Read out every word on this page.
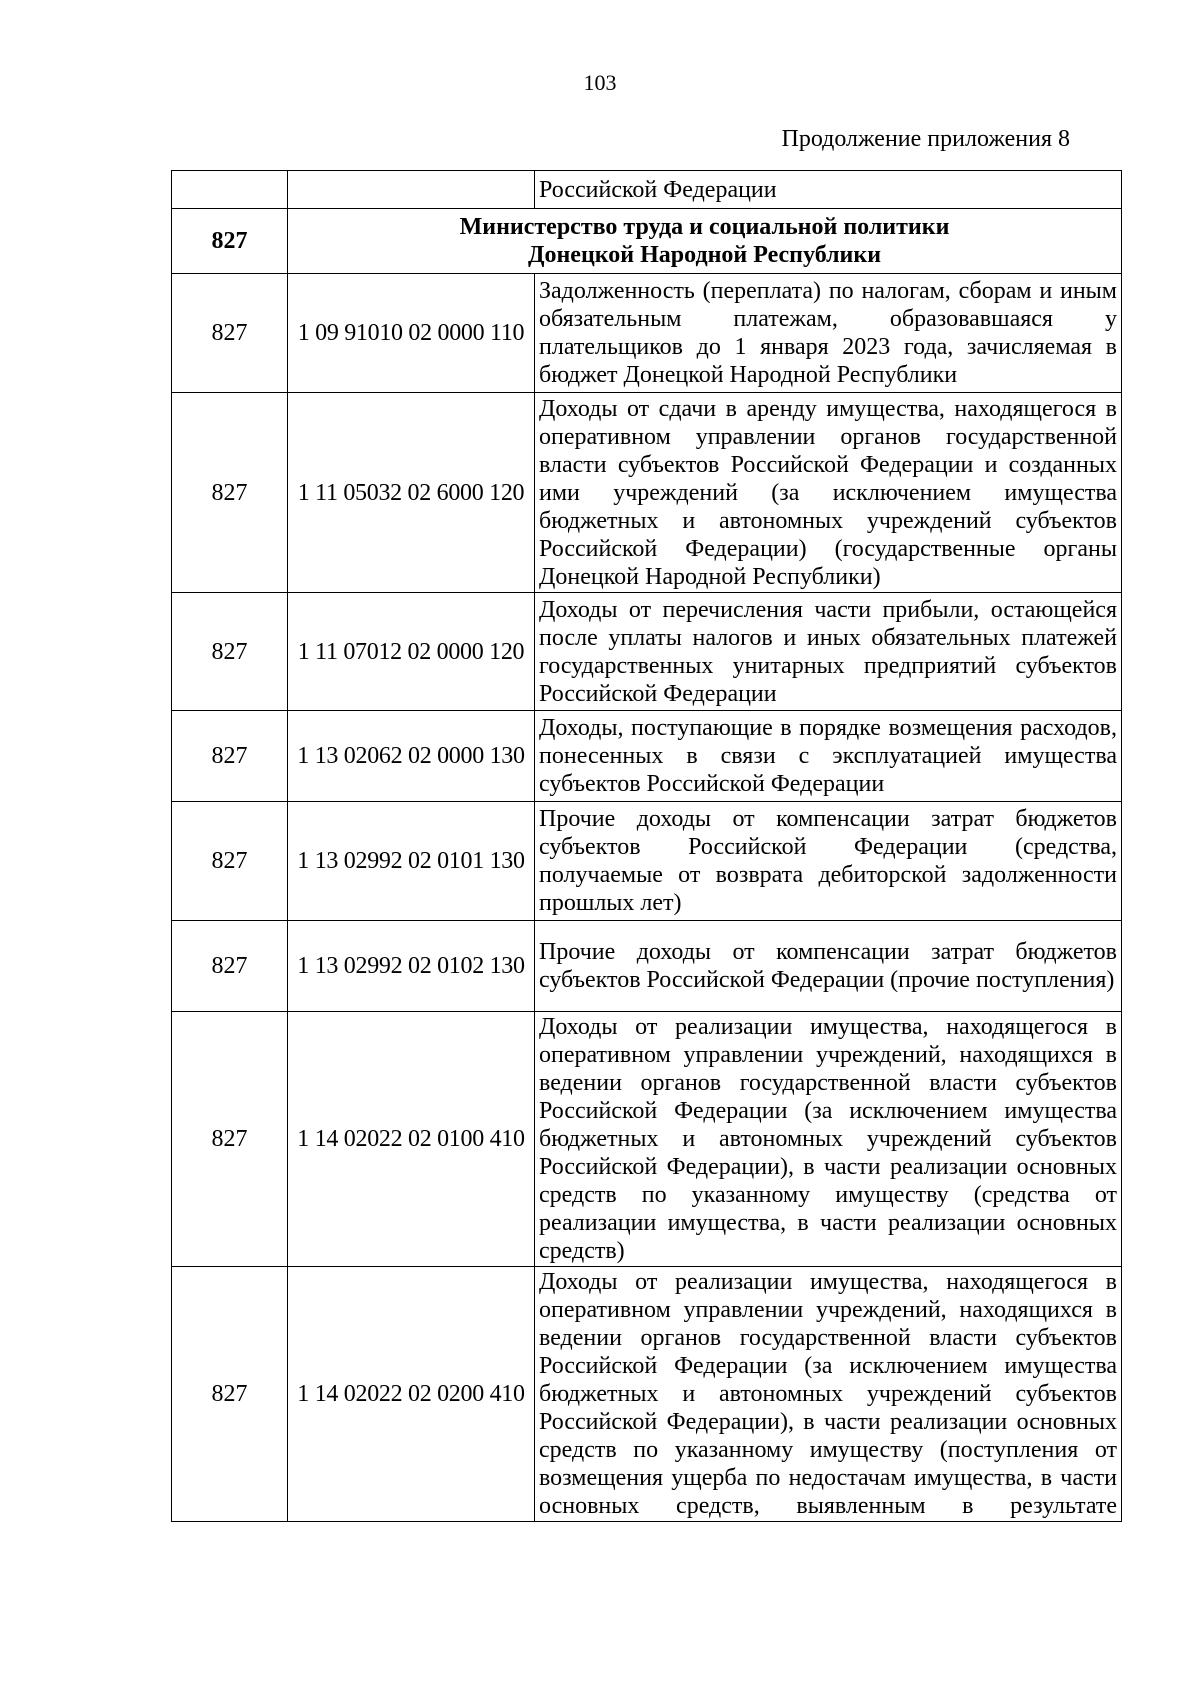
103
Продолжение приложения 8
		Российской Федерации
827	Министерство труда и социальной политики
Донецкой Народной Республики	

827	1 09 91010 02 0000 110	Задолженность (переплата) по налогам, сборам и иным обязательным платежам, образовавшаяся у плательщиков до 1 января 2023 года, зачисляемая в бюджет Донецкой Народной Республики
827	1 11 05032 02 6000 120	Доходы от сдачи в аренду имущества, находящегося в оперативном управлении органов государственной власти субъектов Российской Федерации и созданных ими учреждений (за исключением имущества бюджетных и автономных учреждений субъектов Российской Федерации) (государственные органы Донецкой Народной Республики)
827	1 11 07012 02 0000 120	Доходы от перечисления части прибыли, остающейся после уплаты налогов и иных обязательных платежей государственных унитарных предприятий субъектов Российской Федерации
827	1 13 02062 02 0000 130	Доходы, поступающие в порядке возмещения расходов, понесенных в связи с эксплуатацией имущества субъектов Российской Федерации
827	1 13 02992 02 0101 130	Прочие доходы от компенсации затрат бюджетов субъектов Российской Федерации (средства, получаемые от возврата дебиторской задолженности прошлых лет)
827	1 13 02992 02 0102 130	Прочие доходы от компенсации затрат бюджетов субъектов Российской Федерации (прочие поступления)
827	1 14 02022 02 0100 410	Доходы от реализации имущества, находящегося в оперативном управлении учреждений, находящихся в ведении органов государственной власти субъектов Российской Федерации (за исключением имущества бюджетных и автономных учреждений субъектов Российской Федерации), в части реализации основных средств по указанному имуществу (средства от реализации имущества, в части реализации основных средств)
827	1 14 02022 02 0200 410	Доходы от реализации имущества, находящегося в оперативном управлении учреждений, находящихся в ведении органов государственной власти субъектов Российской Федерации (за исключением имущества бюджетных и автономных учреждений субъектов Российской Федерации), в части реализации основных средств по указанному имуществу (поступления от возмещения ущерба по недостачам имущества, в части основных средств, выявленным в результате
